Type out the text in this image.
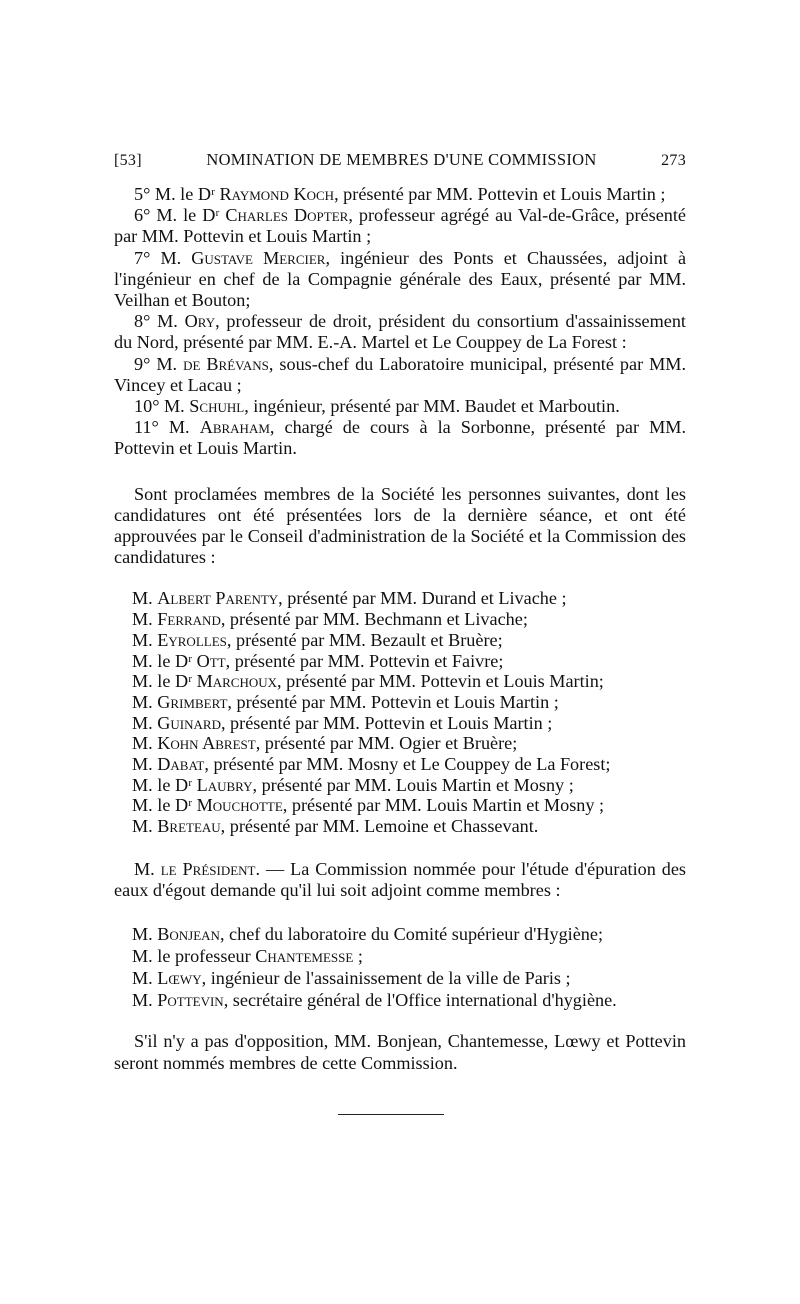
[53]	NOMINATION DE MEMBRES D'UNE COMMISSION	273

5° M. le Dʳ Raymond Koch, présenté par MM. Pottevin et Louis Martin ;

6° M. le Dʳ Charles Dopter, professeur agrégé au Val-de-Grâce, présenté par MM. Pottevin et Louis Martin ;

7° M. Gustave Mercier, ingénieur des Ponts et Chaussées, adjoint à l'ingénieur en chef de la Compagnie générale des Eaux, présenté par MM. Veilhan et Bouton;

8° M. Ory, professeur de droit, président du consortium d'assainissement du Nord, présenté par MM. E.-A. Martel et Le Couppey de La Forest :

9° M. de Brévans, sous-chef du Laboratoire municipal, présenté par MM. Vincey et Lacau ;

10° M. Schuhl, ingénieur, présenté par MM. Baudet et Marboutin.

11° M. Abraham, chargé de cours à la Sorbonne, présenté par MM. Pottevin et Louis Martin.

Sont proclamées membres de la Société les personnes suivantes, dont les candidatures ont été présentées lors de la dernière séance, et ont été approuvées par le Conseil d'administration de la Société et la Commission des candidatures :

M. Albert Parenty, présenté par MM. Durand et Livache ;
M. Ferrand, présenté par MM. Bechmann et Livache;
M. Eyrolles, présenté par MM. Bezault et Bruère;
M. le Dʳ Ott, présenté par MM. Pottevin et Faivre;
M. le Dʳ Marchoux, présenté par MM. Pottevin et Louis Martin;
M. Grimbert, présenté par MM. Pottevin et Louis Martin ;
M. Guinard, présenté par MM. Pottevin et Louis Martin ;
M. Kohn Abrest, présenté par MM. Ogier et Bruère;
M. Dabat, présenté par MM. Mosny et Le Couppey de La Forest;
M. le Dʳ Laubry, présenté par MM. Louis Martin et Mosny ;
M. le Dʳ Mouchotte, présenté par MM. Louis Martin et Mosny ;
M. Breteau, présenté par MM. Lemoine et Chassevant.

M. le Président. — La Commission nommée pour l'étude d'épuration des eaux d'égout demande qu'il lui soit adjoint comme membres :

M. Bonjean, chef du laboratoire du Comité supérieur d'Hygiène;
M. le professeur Chantemesse ;
M. Lœwy, ingénieur de l'assainissement de la ville de Paris ;
M. Pottevin, secrétaire général de l'Office international d'hygiène.

S'il n'y a pas d'opposition, MM. Bonjean, Chantemesse, Lœwy et Pottevin seront nommés membres de cette Commission.
